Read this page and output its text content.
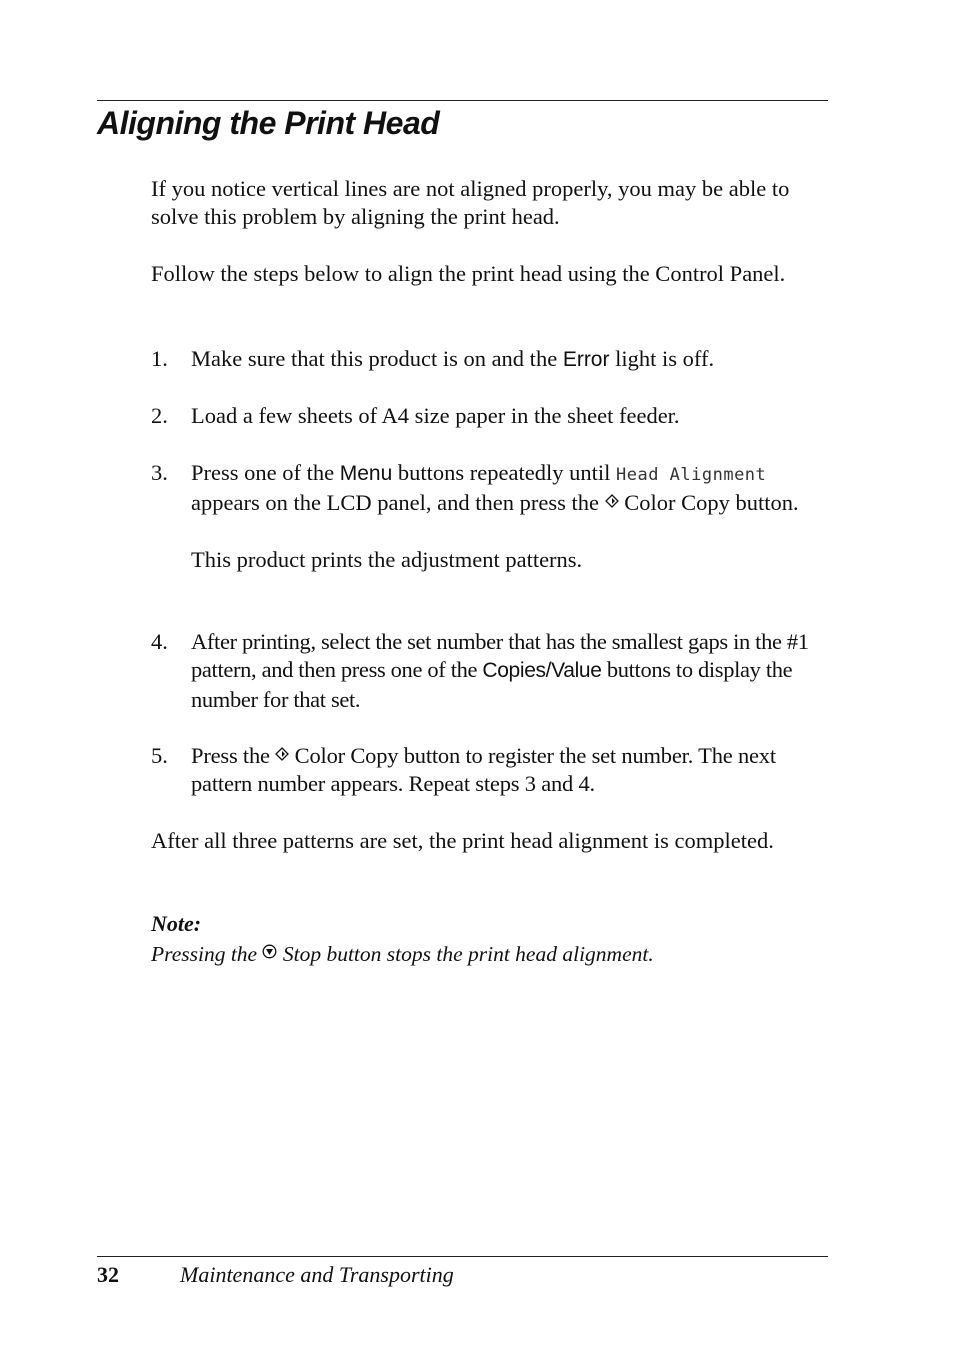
Aligning the Print Head

If you notice vertical lines are not aligned properly, you may be able to solve this problem by aligning the print head.

Follow the steps below to align the print head using the Control Panel.

1. Make sure that this product is on and the Error light is off.

2. Load a few sheets of A4 size paper in the sheet feeder.

3. Press one of the Menu buttons repeatedly until Head Alignment appears on the LCD panel, and then press the  Color Copy button.

This product prints the adjustment patterns.

4. After printing, select the set number that has the smallest gaps in the #1 pattern, and then press one of the Copies/Value buttons to display the number for that set.

5. Press the  Color Copy button to register the set number. The next pattern number appears. Repeat steps 3 and 4.

After all three patterns are set, the print head alignment is completed.

Note:
Pressing the  Stop button stops the print head alignment.
32	Maintenance and Transporting
